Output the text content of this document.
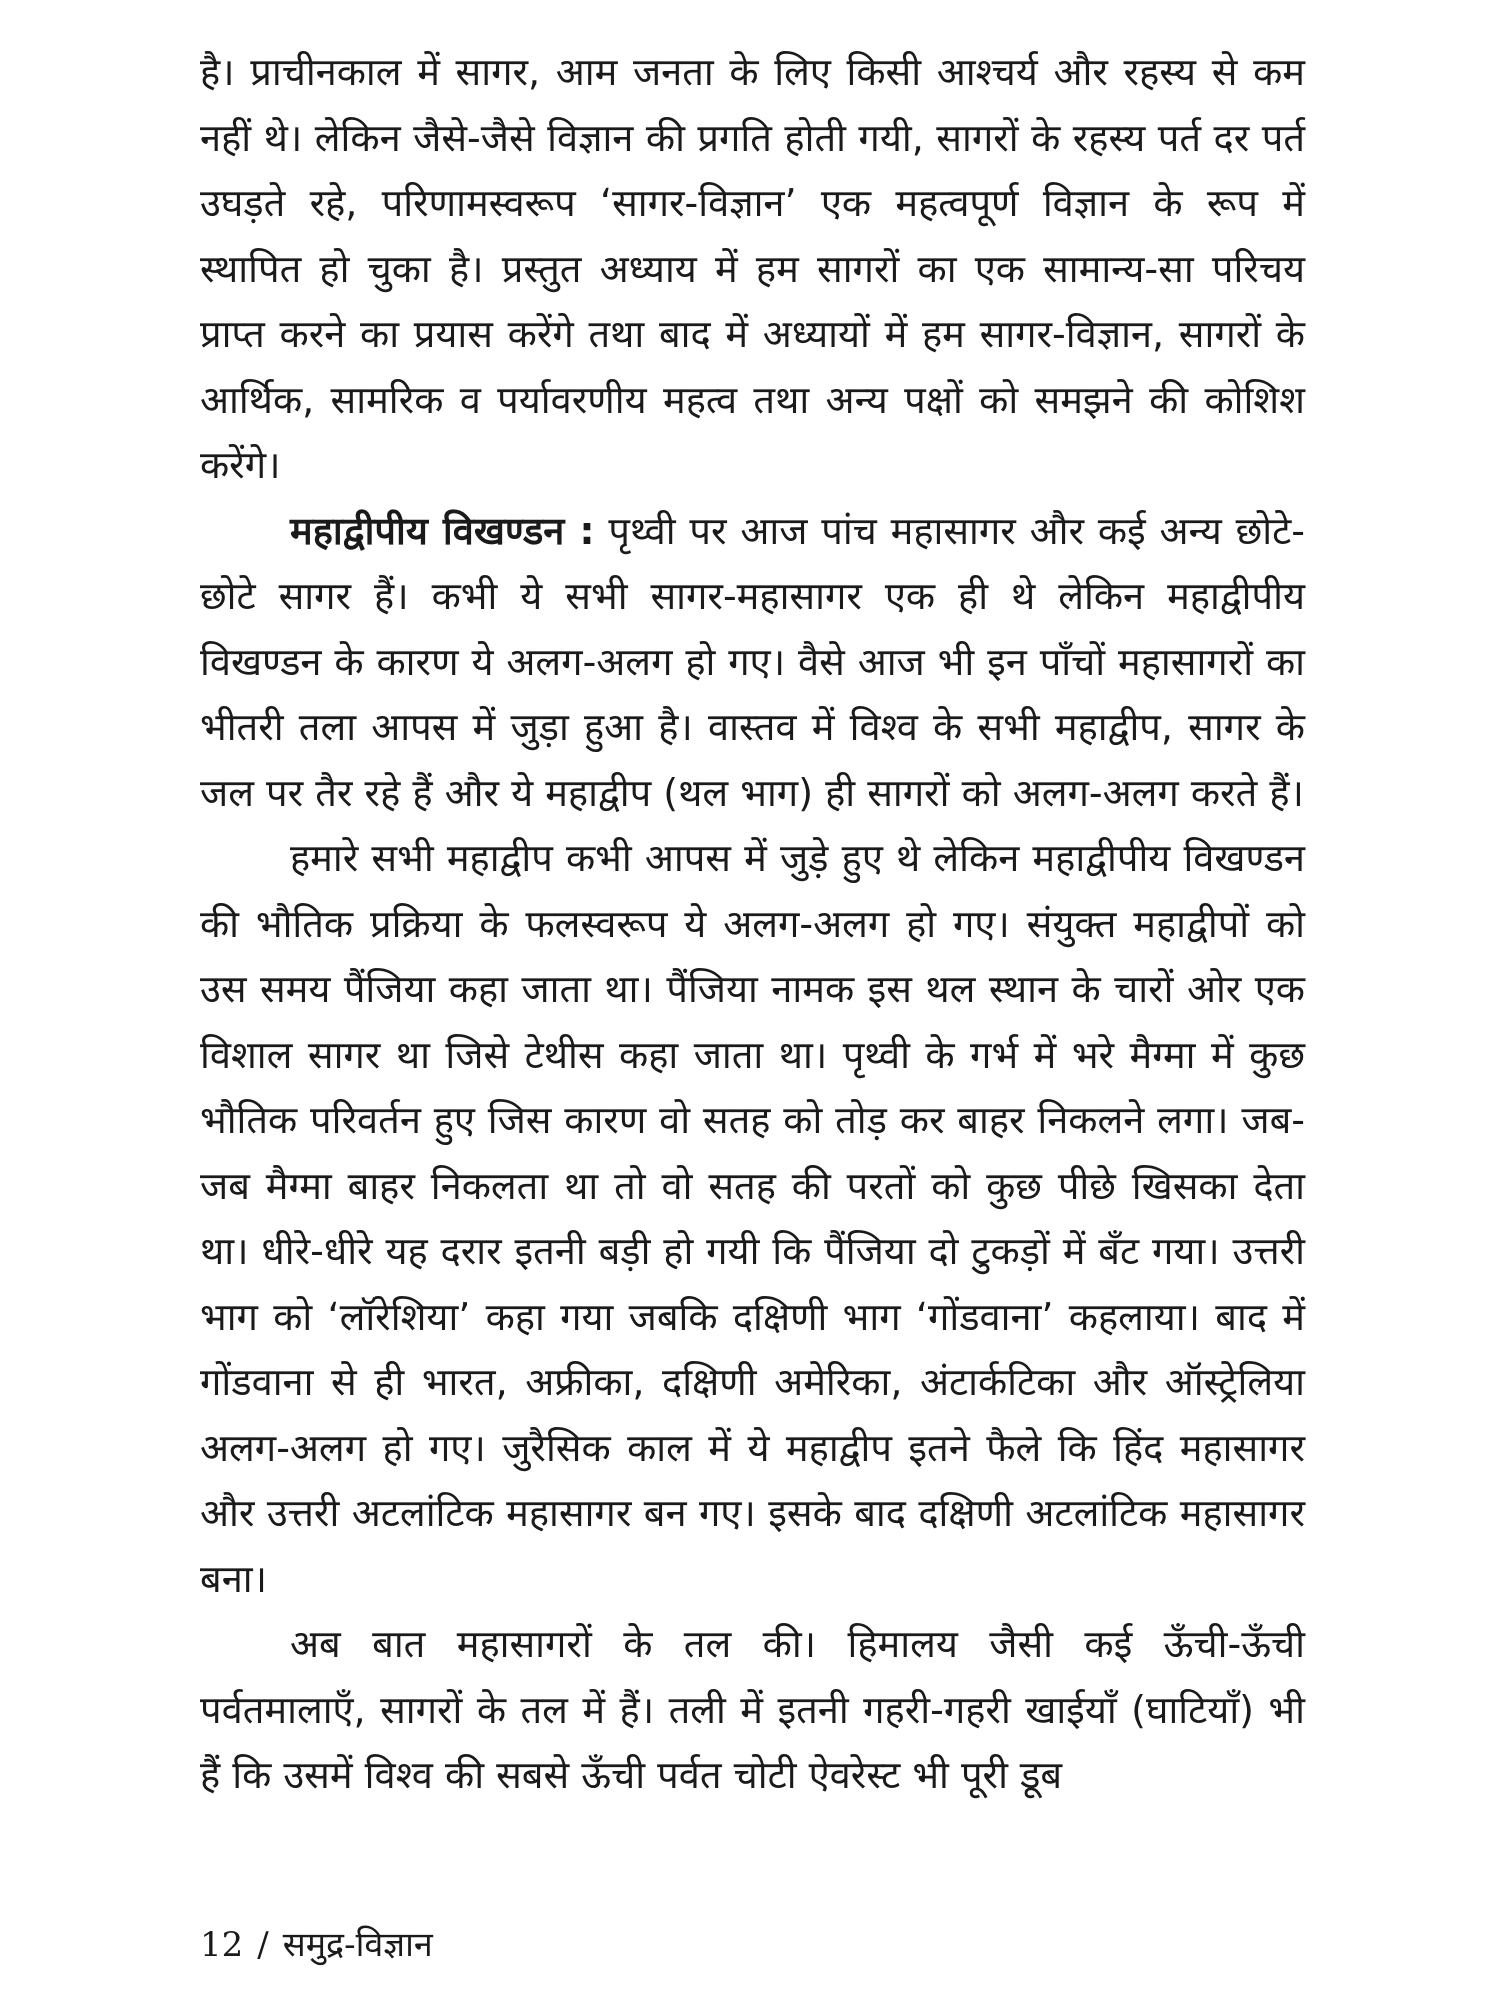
है। प्राचीनकाल में सागर, आम जनता के लिए किसी आश्चर्य और रहस्य से कम नहीं थे। लेकिन जैसे-जैसे विज्ञान की प्रगति होती गयी, सागरों के रहस्य पर्त दर पर्त उघड़ते रहे, परिणामस्वरूप ‘सागर-विज्ञान’ एक महत्वपूर्ण विज्ञान के रूप में स्थापित हो चुका है। प्रस्तुत अध्याय में हम सागरों का एक सामान्य-सा परिचय प्राप्त करने का प्रयास करेंगे तथा बाद में अध्यायों में हम सागर-विज्ञान, सागरों के आर्थिक, सामरिक व पर्यावरणीय महत्व तथा अन्य पक्षों को समझने की कोशिश करेंगे।

महाद्वीपीय विखण्डन : पृथ्वी पर आज पांच महासागर और कई अन्य छोटे-छोटे सागर हैं। कभी ये सभी सागर-महासागर एक ही थे लेकिन महाद्वीपीय विखण्डन के कारण ये अलग-अलग हो गए। वैसे आज भी इन पाँचों महासागरों का भीतरी तला आपस में जुड़ा हुआ है। वास्तव में विश्व के सभी महाद्वीप, सागर के जल पर तैर रहे हैं और ये महाद्वीप (थल भाग) ही सागरों को अलग-अलग करते हैं।

हमारे सभी महाद्वीप कभी आपस में जुड़े हुए थे लेकिन महाद्वीपीय विखण्डन की भौतिक प्रक्रिया के फलस्वरूप ये अलग-अलग हो गए। संयुक्त महाद्वीपों को उस समय पैंजिया कहा जाता था। पैंजिया नामक इस थल स्थान के चारों ओर एक विशाल सागर था जिसे टेथीस कहा जाता था। पृथ्वी के गर्भ में भरे मैग्मा में कुछ भौतिक परिवर्तन हुए जिस कारण वो सतह को तोड़ कर बाहर निकलने लगा। जब-जब मैग्मा बाहर निकलता था तो वो सतह की परतों को कुछ पीछे खिसका देता था। धीरे-धीरे यह दरार इतनी बड़ी हो गयी कि पैंजिया दो टुकड़ों में बँट गया। उत्तरी भाग को ‘लॉरेशिया’ कहा गया जबकि दक्षिणी भाग ‘गोंडवाना’ कहलाया। बाद में गोंडवाना से ही भारत, अफ्रीका, दक्षिणी अमेरिका, अंटार्कटिका और ऑस्ट्रेलिया अलग-अलग हो गए। जुरैसिक काल में ये महाद्वीप इतने फैले कि हिंद महासागर और उत्तरी अटलांटिक महासागर बन गए। इसके बाद दक्षिणी अटलांटिक महासागर बना।

अब बात महासागरों के तल की। हिमालय जैसी कई ऊँची-ऊँची पर्वतमालाएँ, सागरों के तल में हैं। तली में इतनी गहरी-गहरी खाईयाँ (घाटियाँ) भी हैं कि उसमें विश्व की सबसे ऊँची पर्वत चोटी ऐवरेस्ट भी पूरी डूब

12 / समुद्र-विज्ञान
